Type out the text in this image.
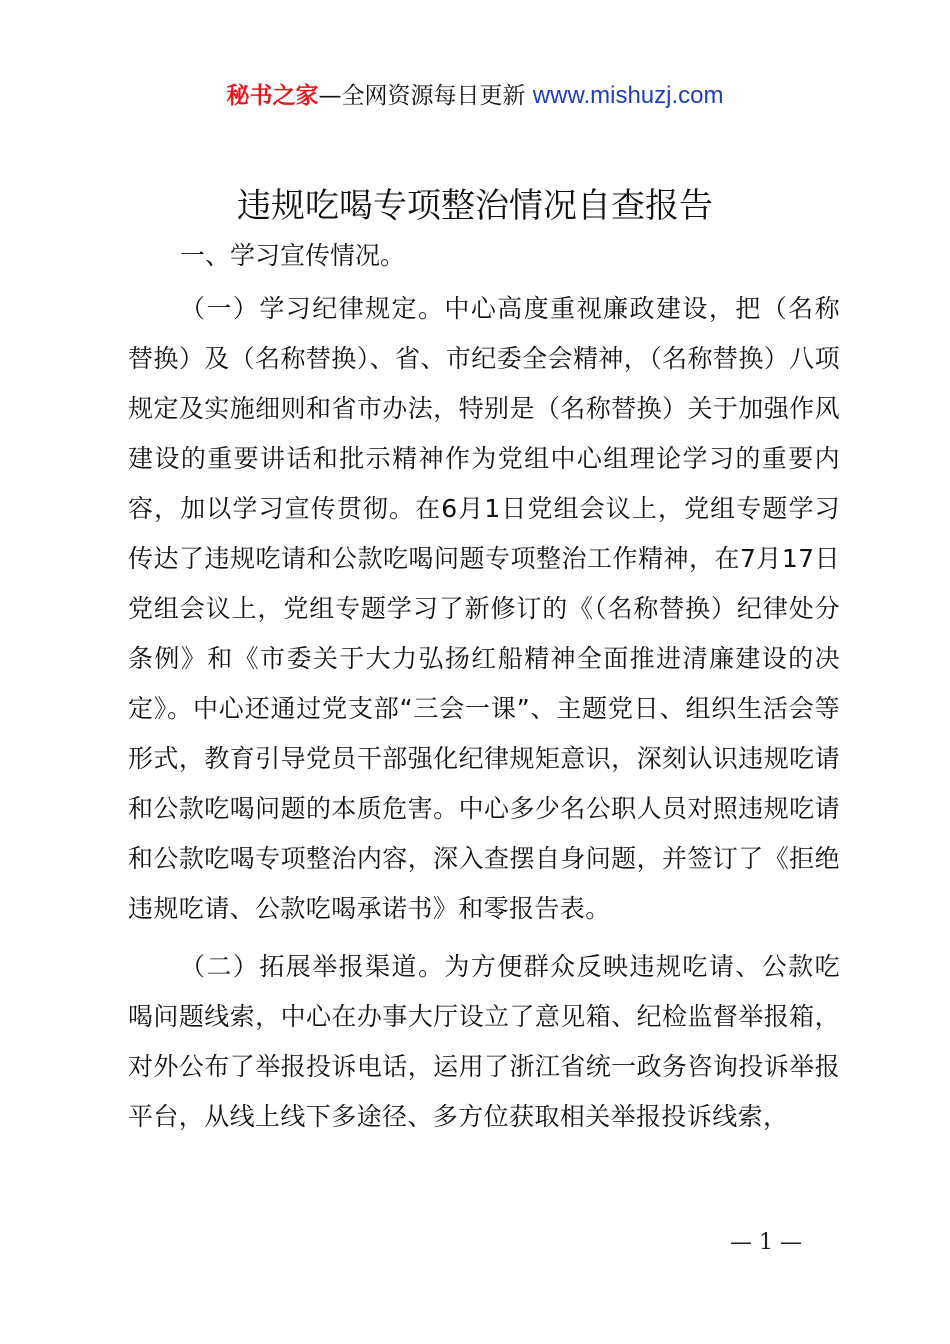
秘书之家—全网资源每日更新 www.mishuzj.com
违规吃喝专项整治情况自查报告

一、学习宣传情况。

（一）学习纪律规定。中心高度重视廉政建设，把（名称替换）及（名称替换）、省、市纪委全会精神，（名称替换）八项规定及实施细则和省市办法，特别是（名称替换）关于加强作风建设的重要讲话和批示精神作为党组中心组理论学习的重要内容，加以学习宣传贯彻。在6月1日党组会议上，党组专题学习传达了违规吃请和公款吃喝问题专项整治工作精神，在7月17日党组会议上，党组专题学习了新修订的《（名称替换）纪律处分条例》和《市委关于大力弘扬红船精神全面推进清廉建设的决定》。中心还通过党支部“三会一课”、主题党日、组织生活会等形式，教育引导党员干部强化纪律规矩意识，深刻认识违规吃请和公款吃喝问题的本质危害。中心多少名公职人员对照违规吃请和公款吃喝专项整治内容，深入查摆自身问题，并签订了《拒绝违规吃请、公款吃喝承诺书》和零报告表。

（二）拓展举报渠道。为方便群众反映违规吃请、公款吃喝问题线索，中心在办事大厅设立了意见箱、纪检监督举报箱，对外公布了举报投诉电话，运用了浙江省统一政务咨询投诉举报平台，从线上线下多途径、多方位获取相关举报投诉线索，

— 1 —
